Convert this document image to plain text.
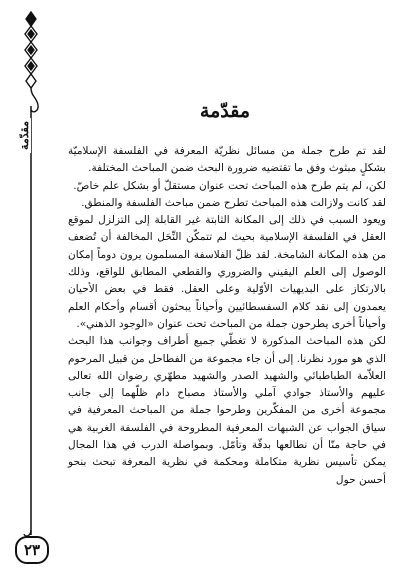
مقدّمة
٢٣
مقدّمة

لقد تم طرح جملة من مسائل نظريّة المعرفة في الفلسفة الإسلاميّة بشكلٍ مبثوث وفق ما تقتضيه ضرورة البحث ضمن المباحث المختلفة.

لكن، لم يتم طرح هذه المباحث تحت عنوان مستقلّ أو بشكل علم خاصّ.

لقد كانت ولازالت هذه المباحث تطرح ضمن مباحث الفلسفة والمنطق.

ويعود السبب في ذلك إلى المكانة الثابتة غير القابلة إلى التزلزل لموقع العقل في الفلسفة الإسلامية بحيث لم تتمكّن النِّحَل المخالفة أن تُضعف من هذه المكانة الشامخة. لقد ظلّ الفلاسفة المسلمون يرون دوماً إمكان الوصول إلى العلم اليقيني والضروري والقطعي المطابق للواقع، وذلك بالارتكاز على البديهيات الأوّلية وعلى العقل. فقط في بعض الأحيان يعمدون إلى نقد كلام السفسطائيين وأحياناً يبحثون أقسام وأحكام العلم وأحياناً أخرى يطرحون جملة من المباحث تحت عنوان «الوجود الذهني».

لكن هذه المباحث المذكورة لا تغطّي جميع أطراف وجوانب هذا البحث الذي هو مورد نظرنا. إلى أن جاء مجموعة من الفطاحل من قبيل المرحوم العلاّمة الطباطبائي والشهيد الصدر والشهيد مطهّري رضوان الله تعالى عليهم والأستاذ جوادي آملي والأستاذ مصباح دام ظلّهما إلى جانب مجموعة أخرى من المفكّرين وطرحوا جملة من المباحث المعرفية في سياق الجواب عن الشبهات المعرفية المطروحة في الفلسفة الغربية هي في حاجة منّا أن نطالعها بدقّة وتأمّل. وبمواصلة الدرب في هذا المجال يمكن تأسيس نظرية متكاملة ومحكمة في نظرية المعرفة تبحث بنحو أحسن حول
